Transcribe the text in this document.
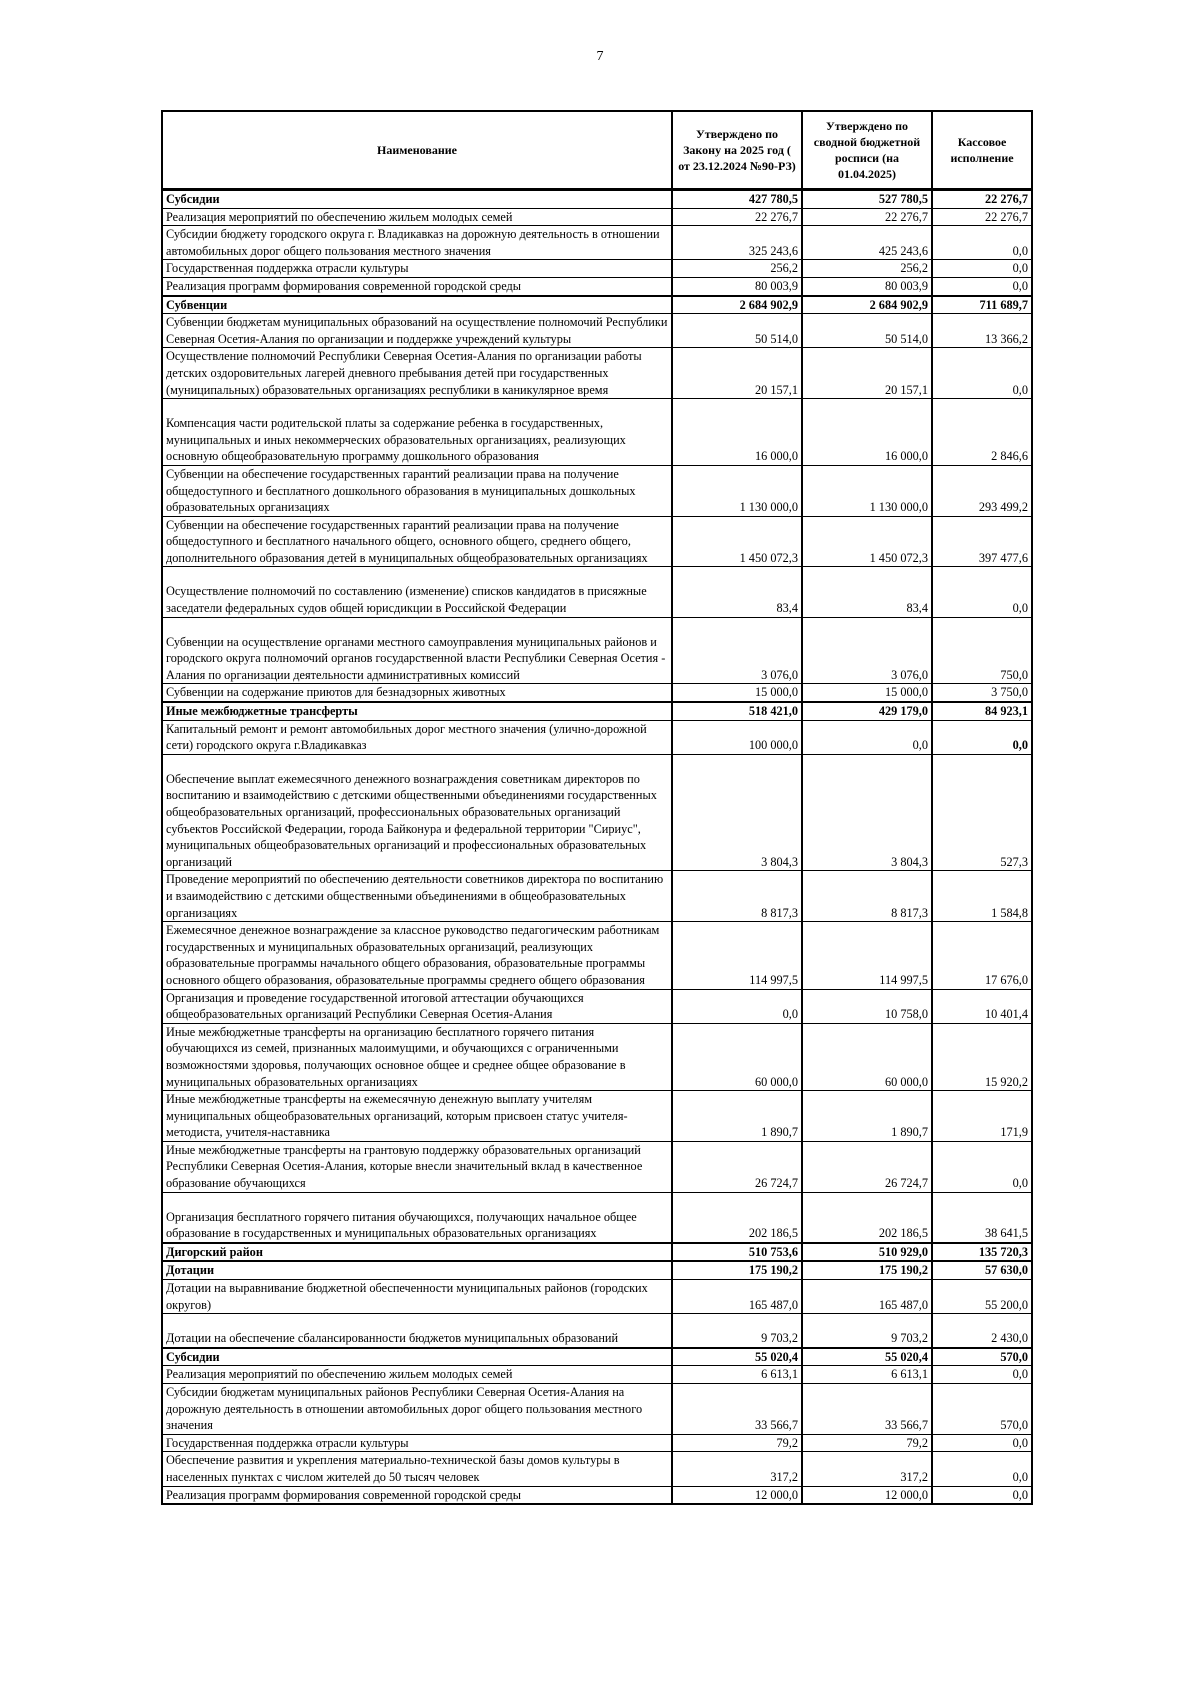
7
Наименование	Утверждено по Закону на 2025 год ( от 23.12.2024 №90-РЗ)	Утверждено по сводной бюджетной росписи (на 01.04.2025)	Кассовое исполнение
Субсидии	427 780,5	527 780,5	22 276,7
Реализация мероприятий по обеспечению жильем молодых семей	22 276,7	22 276,7	22 276,7
Субсидии бюджету городского округа г. Владикавказ на дорожную деятельность в отношении автомобильных дорог общего пользования местного значения	325 243,6	425 243,6	0,0
Государственная поддержка отрасли культуры	256,2	256,2	0,0
Реализация программ формирования современной городской среды	80 003,9	80 003,9	0,0
Субвенции	2 684 902,9	2 684 902,9	711 689,7
Субвенции бюджетам муниципальных образований на осуществление полномочий Республики Северная Осетия-Алания по организации и поддержке учреждений культуры	50 514,0	50 514,0	13 366,2
Осуществление полномочий Республики Северная Осетия-Алания по организации работы детских оздоровительных лагерей дневного пребывания детей при государственных (муниципальных) образовательных организациях республики в каникулярное время	20 157,1	20 157,1	0,0
Компенсация части родительской платы за содержание ребенка в государственных, муниципальных и иных некоммерческих образовательных организациях, реализующих основную общеобразовательную программу дошкольного образования	16 000,0	16 000,0	2 846,6
Субвенции на обеспечение государственных гарантий реализации права на получение общедоступного и бесплатного дошкольного образования в муниципальных дошкольных образовательных организациях	1 130 000,0	1 130 000,0	293 499,2
Субвенции на обеспечение государственных гарантий реализации права на получение общедоступного и бесплатного начального общего, основного общего, среднего общего, дополнительного образования детей в муниципальных общеобразовательных организациях	1 450 072,3	1 450 072,3	397 477,6
Осуществление полномочий по составлению (изменение) списков кандидатов в присяжные заседатели федеральных судов общей юрисдикции в Российской Федерации	83,4	83,4	0,0
Субвенции на осуществление органами местного самоуправления муниципальных районов и городского округа полномочий органов государственной власти Республики Северная Осетия - Алания по организации деятельности административных комиссий	3 076,0	3 076,0	750,0
Субвенции на содержание приютов для безнадзорных животных	15 000,0	15 000,0	3 750,0
Иные межбюджетные трансферты	518 421,0	429 179,0	84 923,1
Капитальный ремонт и ремонт автомобильных дорог местного значения (улично-дорожной сети) городского округа г.Владикавказ	100 000,0	0,0	0,0
Обеспечение выплат ежемесячного денежного вознаграждения советникам директоров по воспитанию и взаимодействию с детскими общественными объединениями государственных общеобразовательных организаций, профессиональных образовательных организаций субъектов Российской Федерации, города Байконура и федеральной территории "Сириус", муниципальных общеобразовательных организаций и профессиональных образовательных организаций	3 804,3	3 804,3	527,3
Проведение мероприятий по обеспечению деятельности советников директора по воспитанию и взаимодействию с детскими общественными объединениями в общеобразовательных организациях	8 817,3	8 817,3	1 584,8
Ежемесячное денежное вознаграждение за классное руководство педагогическим работникам государственных и муниципальных образовательных организаций, реализующих образовательные программы начального общего образования, образовательные программы основного общего образования, образовательные программы среднего общего образования	114 997,5	114 997,5	17 676,0
Организация и проведение государственной итоговой аттестации обучающихся общеобразовательных организаций Республики Северная Осетия-Алания	0,0	10 758,0	10 401,4
Иные межбюджетные трансферты на организацию бесплатного горячего питания обучающихся из семей, признанных малоимущими, и обучающихся с ограниченными возможностями здоровья, получающих основное общее и среднее общее образование в муниципальных образовательных организациях	60 000,0	60 000,0	15 920,2
Иные межбюджетные трансферты на ежемесячную денежную выплату учителям муниципальных общеобразовательных организаций, которым присвоен статус учителя-методиста, учителя-наставника	1 890,7	1 890,7	171,9
Иные межбюджетные трансферты на грантовую поддержку образовательных организаций Республики Северная Осетия-Алания, которые внесли значительный вклад в качественное образование обучающихся	26 724,7	26 724,7	0,0
Организация бесплатного горячего питания обучающихся, получающих начальное общее образование в государственных и муниципальных образовательных организациях	202 186,5	202 186,5	38 641,5
Дигорский район	510 753,6	510 929,0	135 720,3
Дотации	175 190,2	175 190,2	57 630,0
Дотации на выравнивание бюджетной обеспеченности муниципальных районов (городских округов)	165 487,0	165 487,0	55 200,0
Дотации на обеспечение сбалансированности бюджетов муниципальных образований	9 703,2	9 703,2	2 430,0
Субсидии	55 020,4	55 020,4	570,0
Реализация мероприятий по обеспечению жильем молодых семей	6 613,1	6 613,1	0,0
Субсидии бюджетам муниципальных районов Республики Северная Осетия-Алания на дорожную деятельность в отношении автомобильных дорог общего пользования местного значения	33 566,7	33 566,7	570,0
Государственная поддержка отрасли культуры	79,2	79,2	0,0
Обеспечение развития и укрепления материально-технической базы домов культуры в населенных пунктах с числом жителей до 50 тысяч человек	317,2	317,2	0,0
Реализация программ формирования современной городской среды	12 000,0	12 000,0	0,0
